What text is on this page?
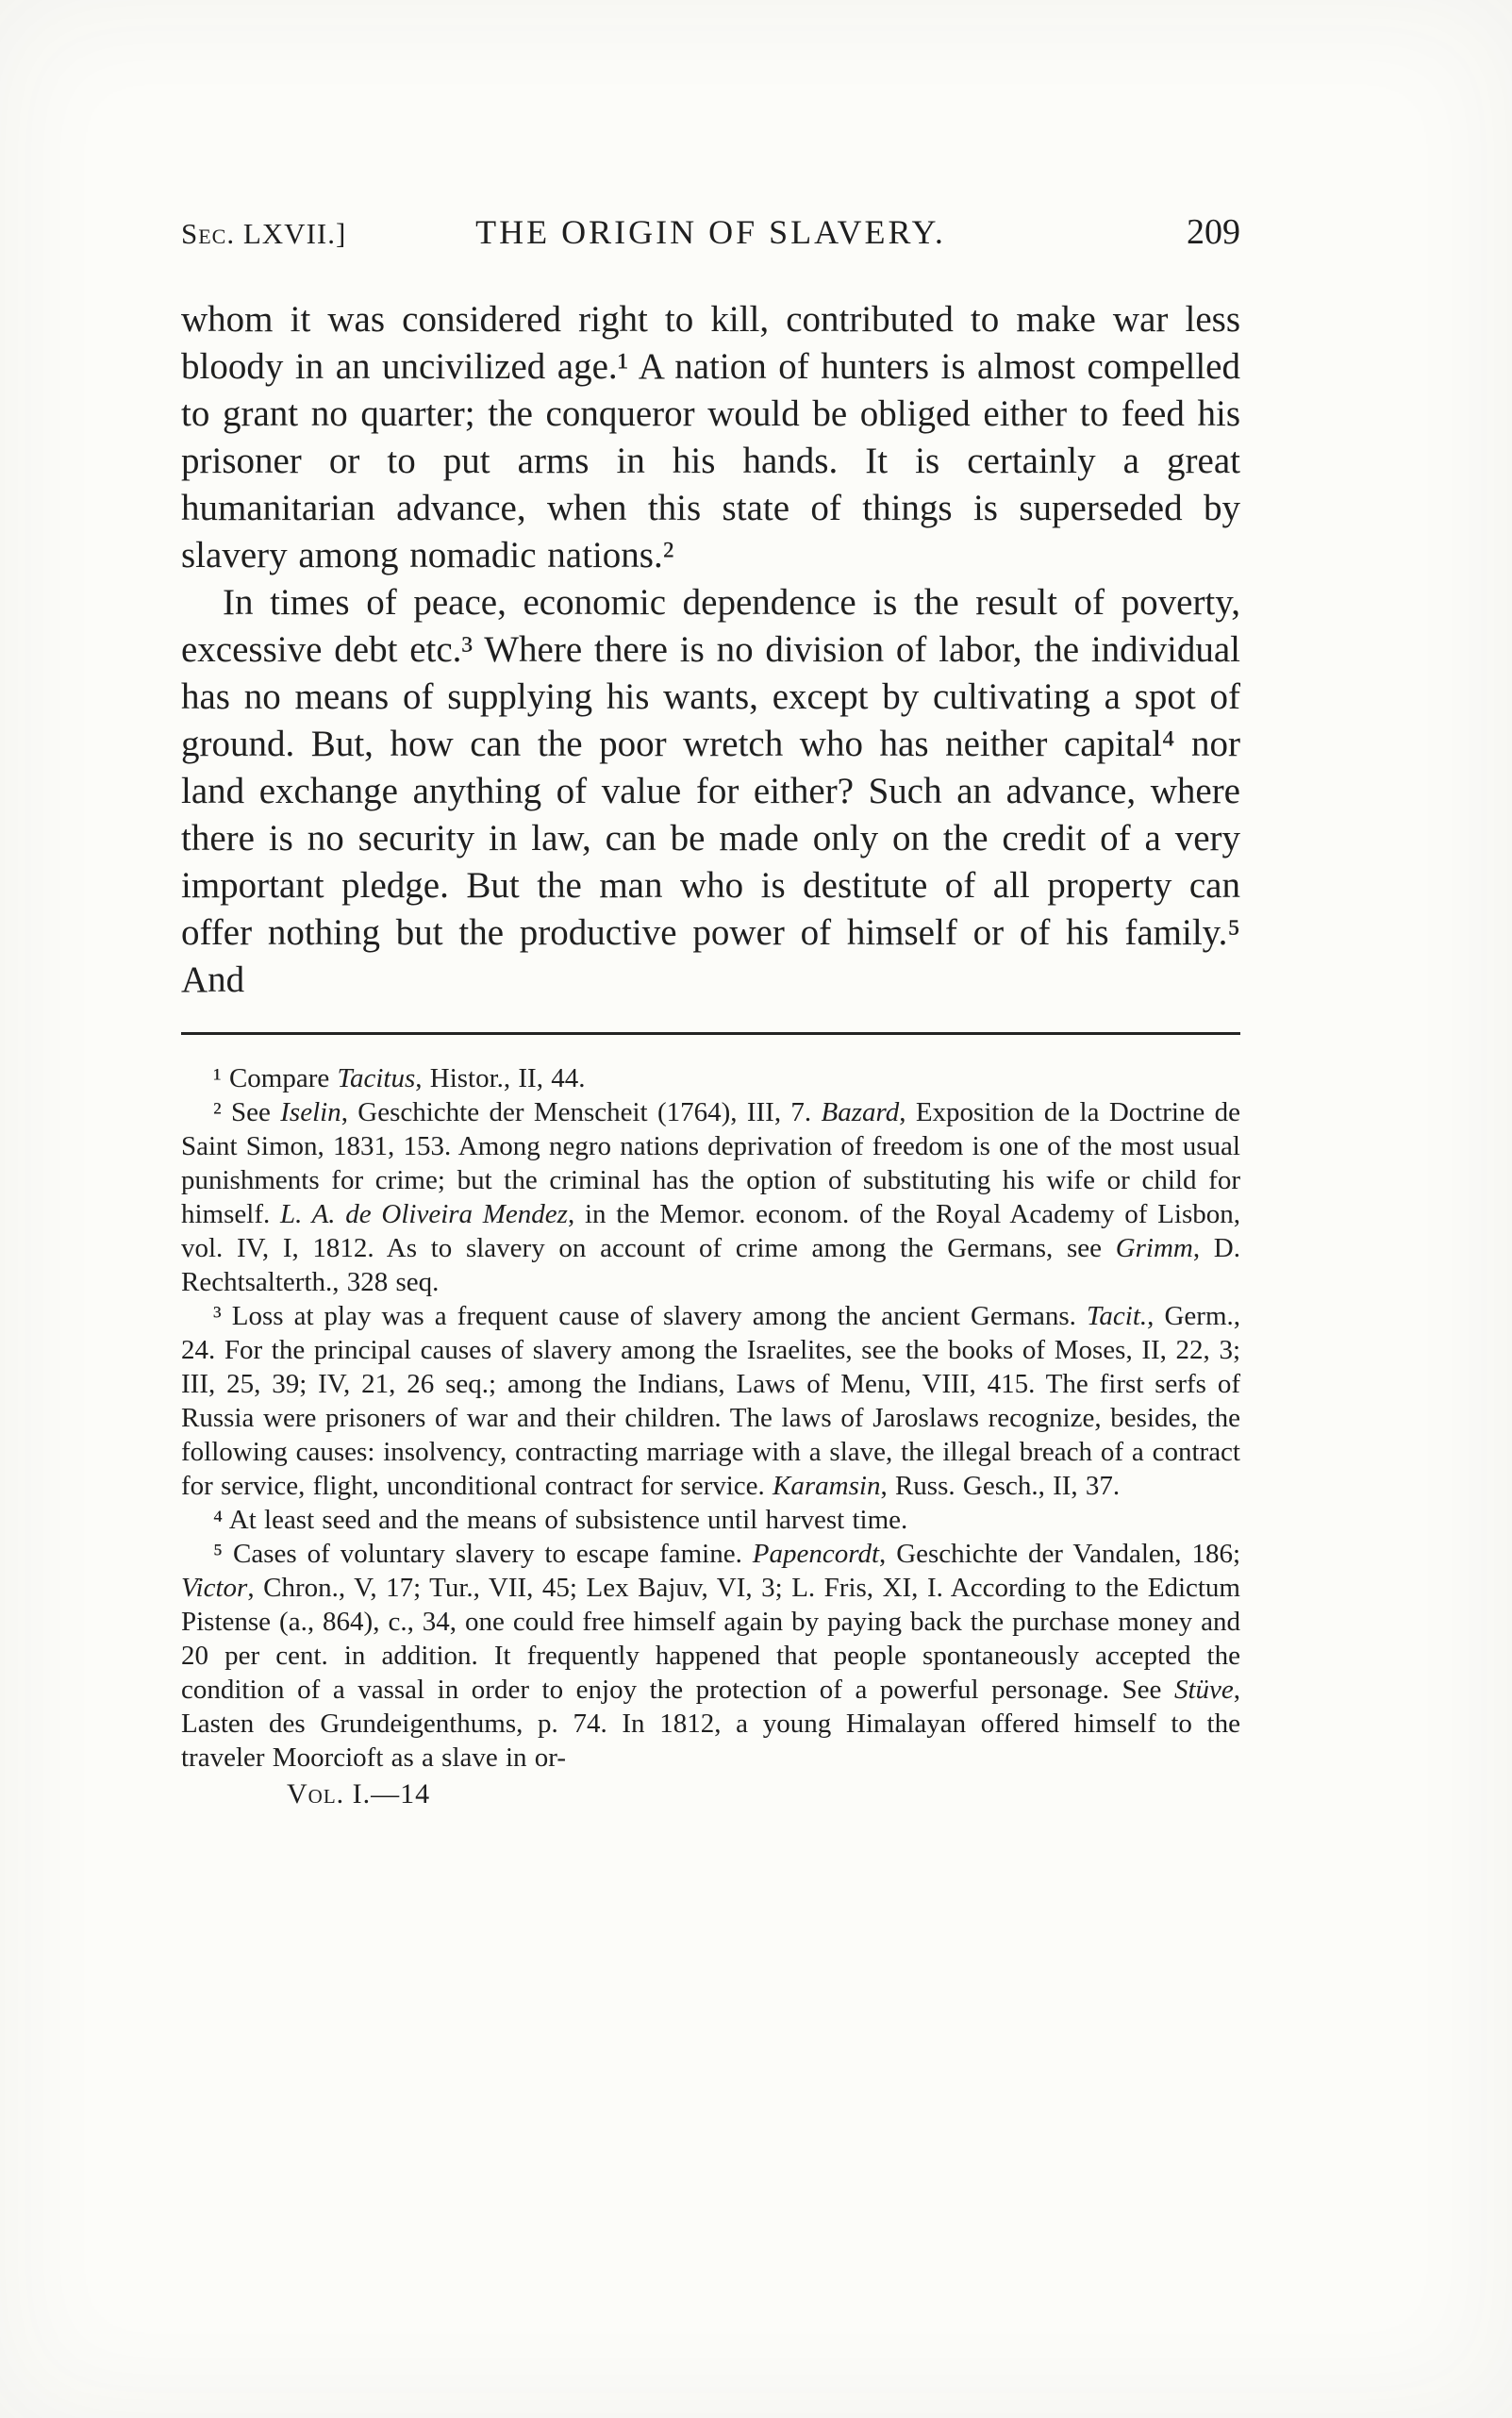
Sec. LXVII.]	THE ORIGIN OF SLAVERY.	209

whom it was considered right to kill, contributed to make war less bloody in an uncivilized age.¹ A nation of hunters is almost compelled to grant no quarter; the conqueror would be obliged either to feed his prisoner or to put arms in his hands. It is certainly a great humanitarian advance, when this state of things is superseded by slavery among nomadic nations.²

In times of peace, economic dependence is the result of poverty, excessive debt etc.³ Where there is no division of labor, the individual has no means of supplying his wants, except by cultivating a spot of ground. But, how can the poor wretch who has neither capital⁴ nor land exchange anything of value for either? Such an advance, where there is no security in law, can be made only on the credit of a very important pledge. But the man who is destitute of all property can offer nothing but the productive power of himself or of his family.⁵ And

¹ Compare Tacitus, Histor., II, 44.

² See Iselin, Geschichte der Menscheit (1764), III, 7. Bazard, Exposition de la Doctrine de Saint Simon, 1831, 153. Among negro nations deprivation of freedom is one of the most usual punishments for crime; but the criminal has the option of substituting his wife or child for himself. L. A. de Oliveira Mendez, in the Memor. econom. of the Royal Academy of Lisbon, vol. IV, I, 1812. As to slavery on account of crime among the Germans, see Grimm, D. Rechtsalterth., 328 seq.

³ Loss at play was a frequent cause of slavery among the ancient Germans. Tacit., Germ., 24. For the principal causes of slavery among the Israelites, see the books of Moses, II, 22, 3; III, 25, 39; IV, 21, 26 seq.; among the Indians, Laws of Menu, VIII, 415. The first serfs of Russia were prisoners of war and their children. The laws of Jaroslaws recognize, besides, the following causes: insolvency, contracting marriage with a slave, the illegal breach of a contract for service, flight, unconditional contract for service. Karamsin, Russ. Gesch., II, 37.

⁴ At least seed and the means of subsistence until harvest time.

⁵ Cases of voluntary slavery to escape famine. Papencordt, Geschichte der Vandalen, 186; Victor, Chron., V, 17; Tur., VII, 45; Lex Bajuv, VI, 3; L. Fris, XI, I. According to the Edictum Pistense (a., 864), c., 34, one could free himself again by paying back the purchase money and 20 per cent. in addition. It frequently happened that people spontaneously accepted the condition of a vassal in order to enjoy the protection of a powerful personage. See Stüve, Lasten des Grundeigenthums, p. 74. In 1812, a young Himalayan offered himself to the traveler Moorcioft as a slave in or-

Vol. I.—14
